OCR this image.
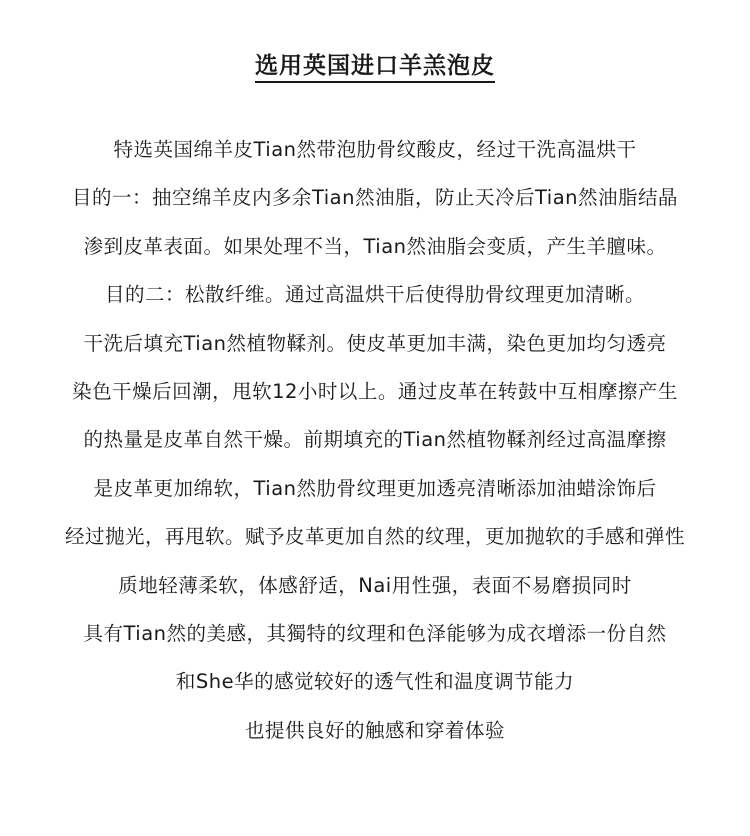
选用英国进口羊羔泡皮
特选英国绵羊皮Tian然带泡肋骨纹酸皮，经过干洗高温烘干
目的一：抽空绵羊皮内多余Tian然油脂，防止天冷后Tian然油脂结晶
渗到皮革表面。如果处理不当，Tian然油脂会变质，产生羊膻味。
目的二：松散纤维。通过高温烘干后使得肋骨纹理更加清晰。
干洗后填充Tian然植物鞣剂。使皮革更加丰满，染色更加均匀透亮
染色干燥后回潮，甩软12小时以上。通过皮革在转鼓中互相摩擦产生
的热量是皮革自然干燥。前期填充的Tian然植物鞣剂经过高温摩擦
是皮革更加绵软，Tian然肋骨纹理更加透亮清晰添加油蜡涂饰后
经过抛光，再甩软。赋予皮革更加自然的纹理，更加抛软的手感和弹性
质地轻薄柔软，体感舒适，Nai用性强，表面不易磨损同时
具有Tian然的美感，其獨特的纹理和色泽能够为成衣增添一份自然
和She华的感觉较好的透气性和温度调节能力
也提供良好的触感和穿着体验
